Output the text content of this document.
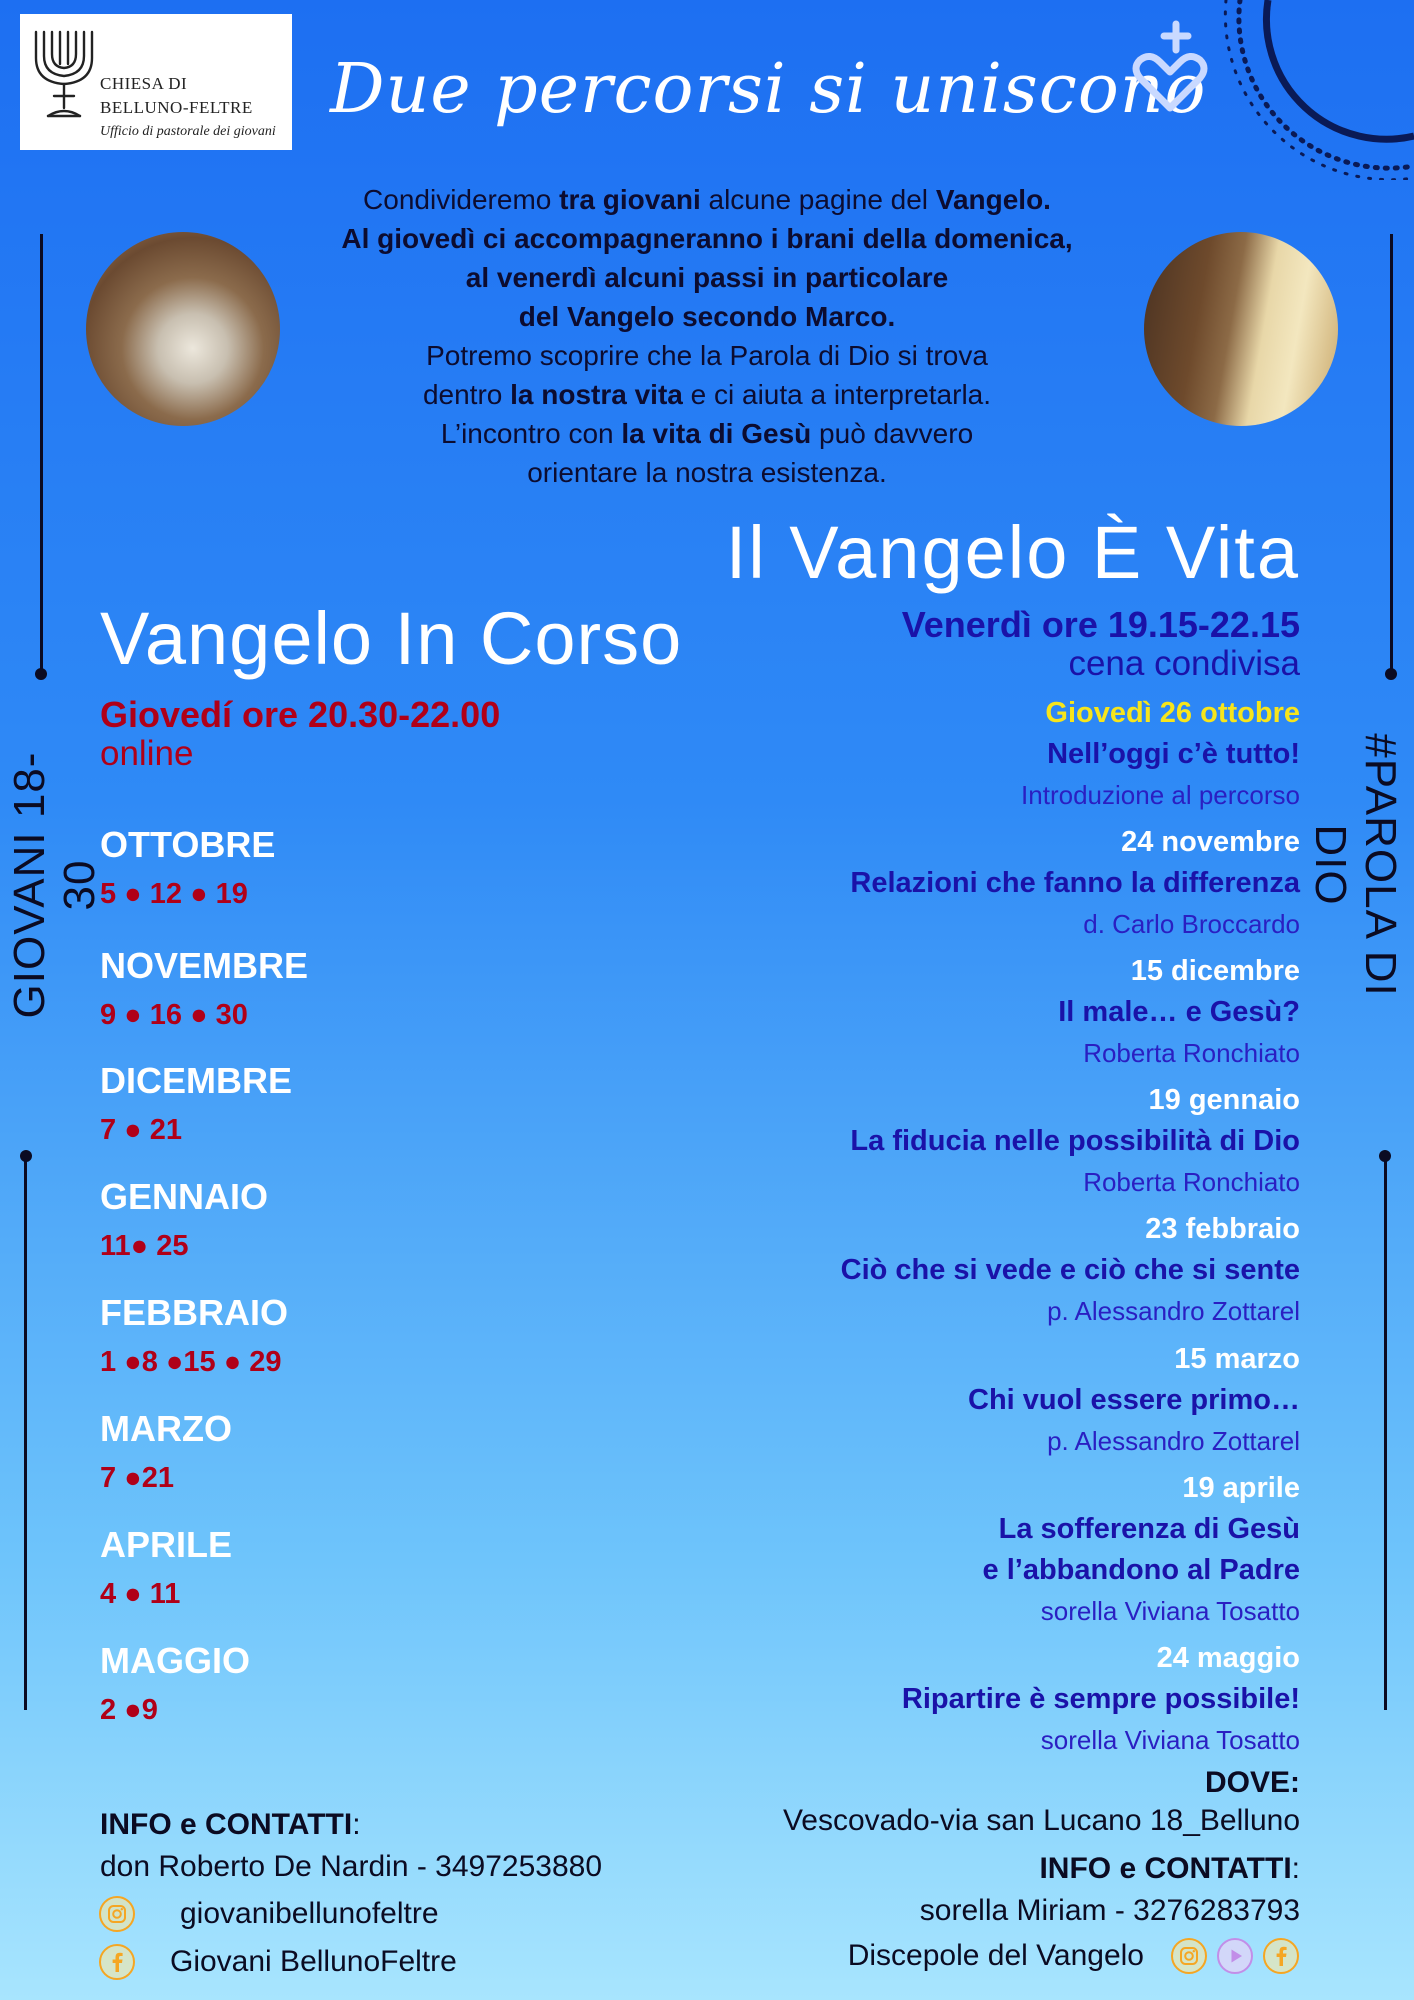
CHIESA DI
BELLUNO-FELTRE
Ufficio di pastorale dei giovani
Due percorsi si uniscono
Condivideremo tra giovani alcune pagine del Vangelo.
Al giovedì ci accompagneranno i brani della domenica,
al venerdì alcuni passi in particolare
del Vangelo secondo Marco.
Potremo scoprire che la Parola di Dio si trova
dentro la nostra vita e ci aiuta a interpretarla.
L’incontro con la vita di Gesù può davvero
orientare la nostra esistenza.
GIOVANI 18-30	#PAROLA DI DIO
Vangelo In Corso
Giovedí ore 20.30-22.00
online
OTTOBRE
5 ● 12 ● 19
NOVEMBRE
9 ● 16 ● 30
DICEMBRE
7 ● 21
GENNAIO
11● 25
FEBBRAIO
1 ●8 ●15 ● 29
MARZO
7 ●21
APRILE
4 ● 11
MAGGIO
2 ●9
INFO e CONTATTI:
don Roberto De Nardin - 3497253880
giovanibellunofeltre
Giovani BellunoFeltre
Il Vangelo È Vita
Venerdì ore 19.15-22.15
cena condivisa
Giovedì 26 ottobre
Nell’oggi c’è tutto!
Introduzione al percorso
24 novembre
Relazioni che fanno la differenza
d. Carlo Broccardo
15 dicembre
Il male… e Gesù?
Roberta Ronchiato
19 gennaio
La fiducia nelle possibilità di Dio
Roberta Ronchiato
23 febbraio
Ciò che si vede e ciò che si sente
p. Alessandro Zottarel
15 marzo
Chi vuol essere primo…
p. Alessandro Zottarel
19 aprile
La sofferenza di Gesù
e l’abbandono al Padre
sorella Viviana Tosatto
24 maggio
Ripartire è sempre possibile!
sorella Viviana Tosatto
DOVE:
Vescovado-via san Lucano 18_Belluno
INFO e CONTATTI:
sorella Miriam - 3276283793
Discepole del Vangelo
